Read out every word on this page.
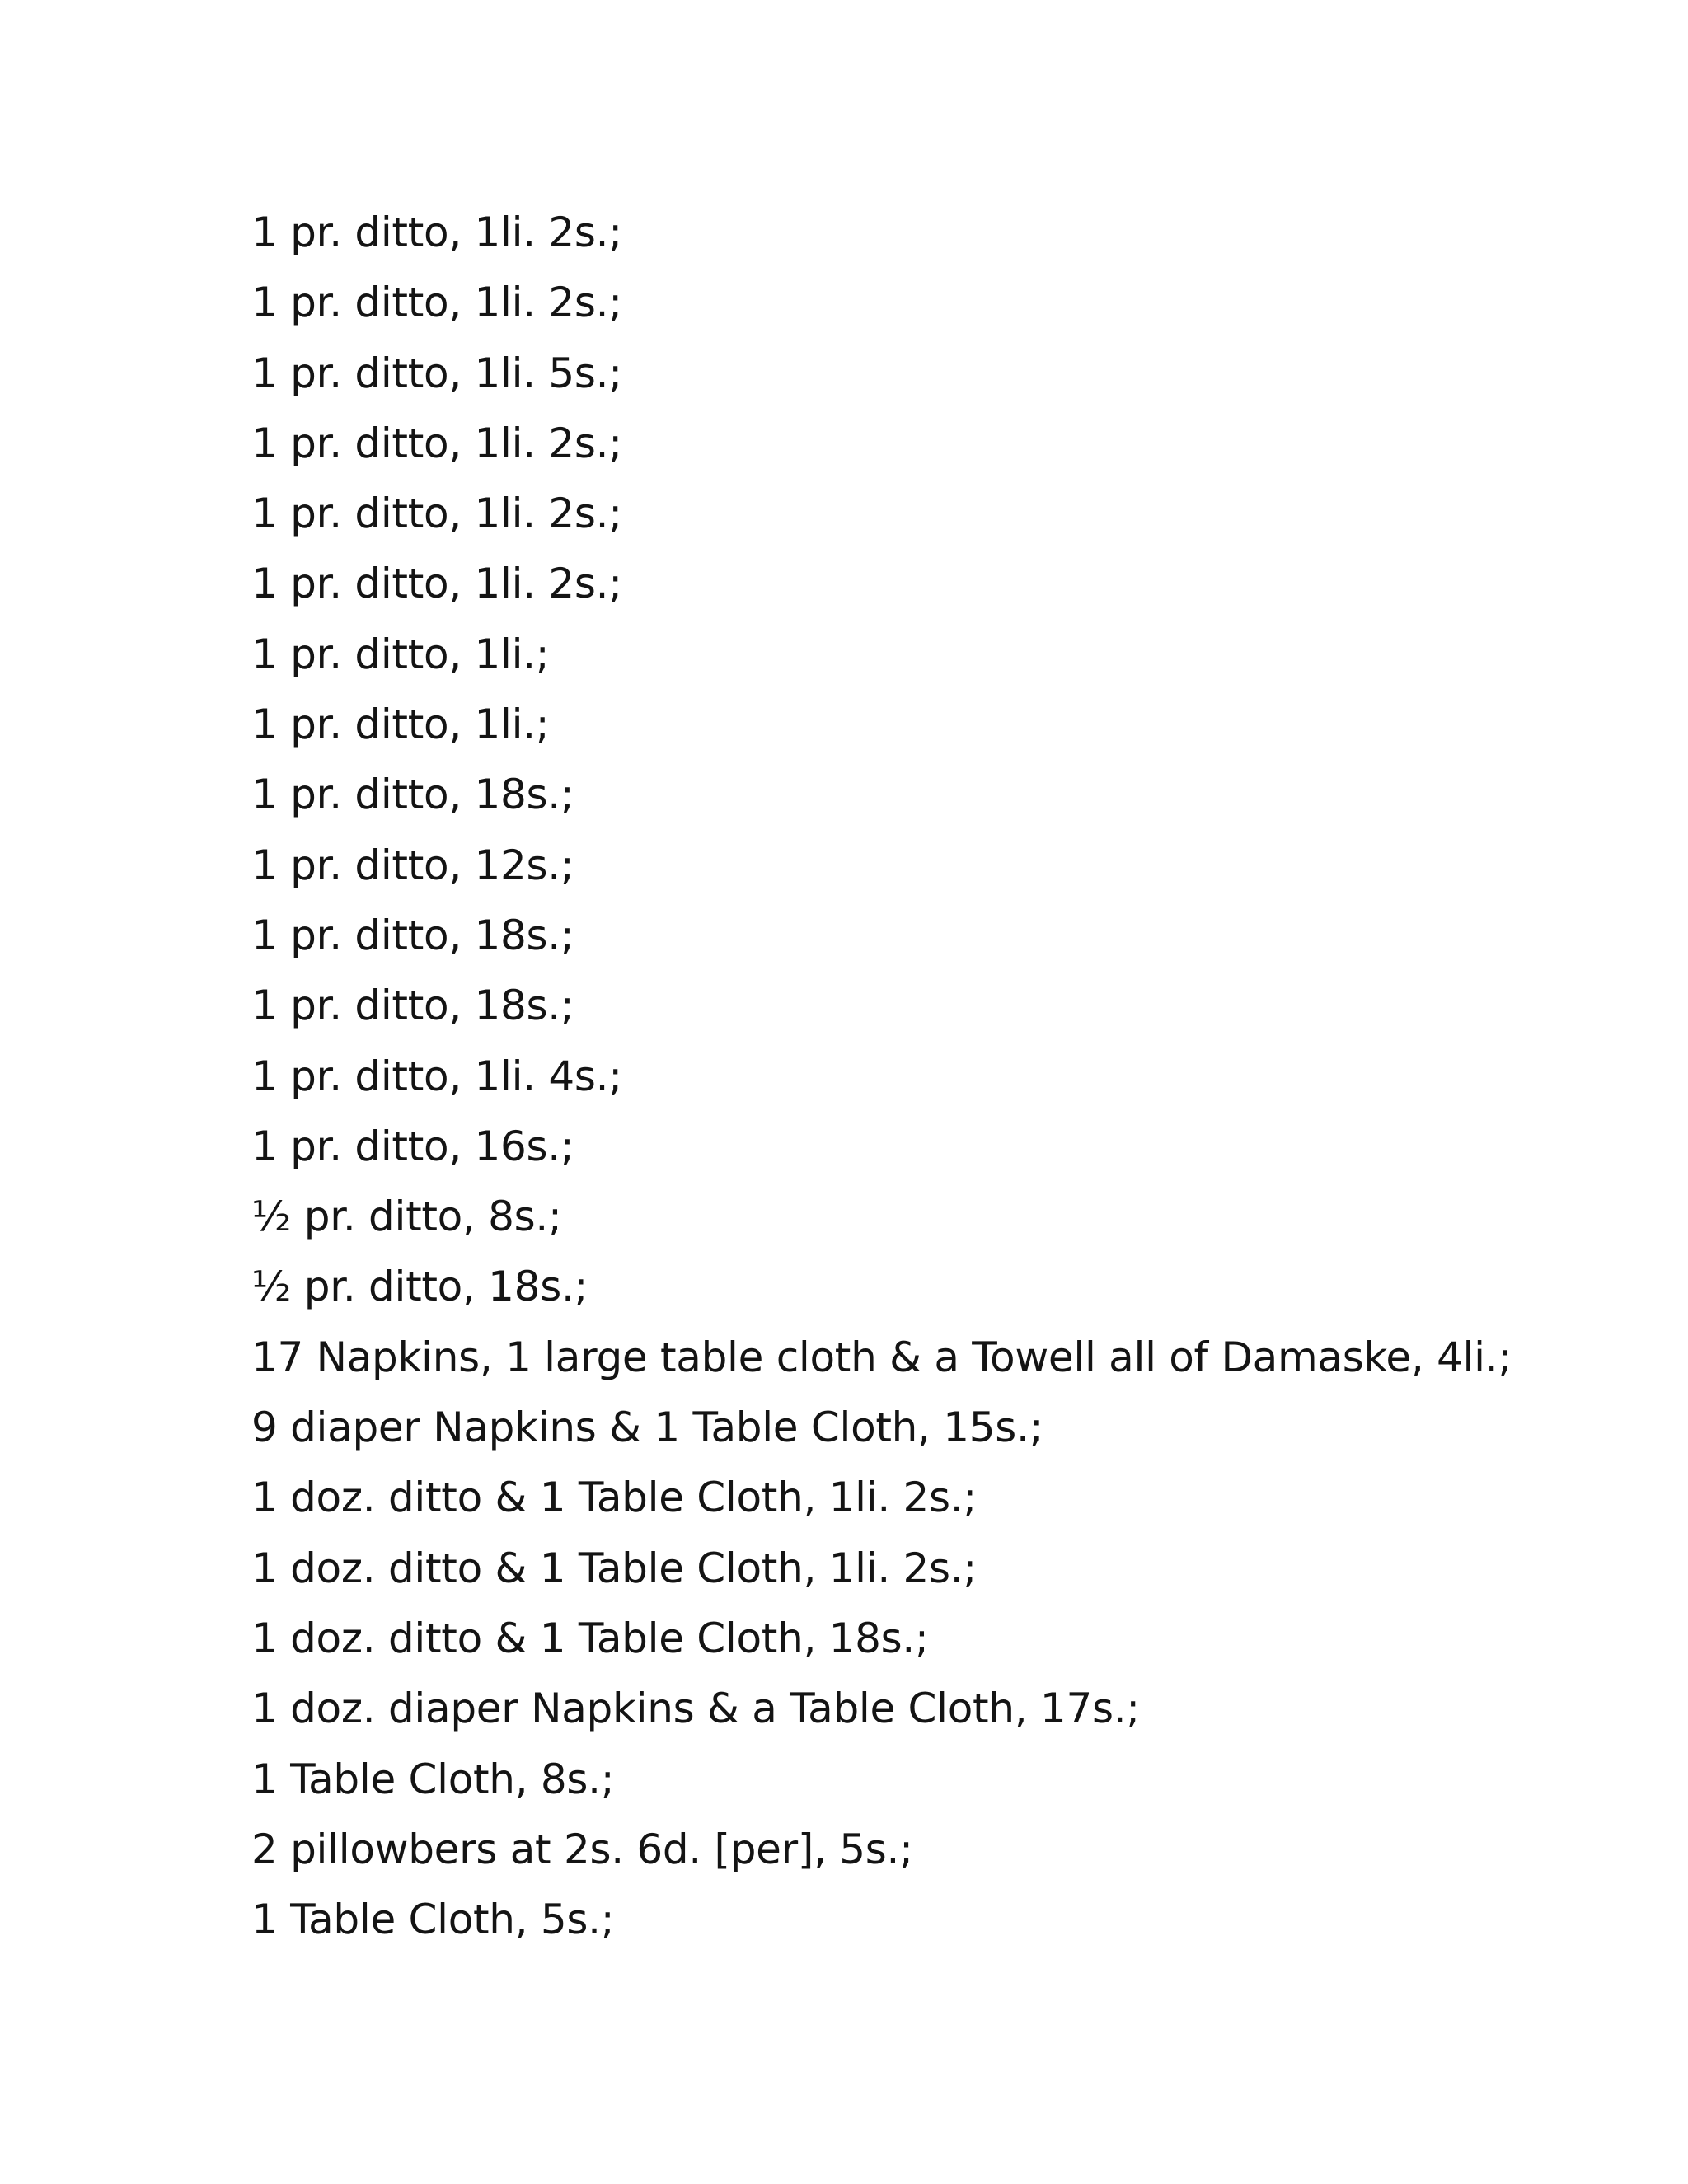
1 pr. ditto, 1li. 2s.;
1 pr. ditto, 1li. 2s.;
1 pr. ditto, 1li. 5s.;
1 pr. ditto, 1li. 2s.;
1 pr. ditto, 1li. 2s.;
1 pr. ditto, 1li. 2s.;
1 pr. ditto, 1li.;
1 pr. ditto, 1li.;
1 pr. ditto, 18s.;
1 pr. ditto, 12s.;
1 pr. ditto, 18s.;
1 pr. ditto, 18s.;
1 pr. ditto, 1li. 4s.;
1 pr. ditto, 16s.;
½ pr. ditto, 8s.;
½ pr. ditto, 18s.;
17 Napkins, 1 large table cloth & a Towell all of Damaske, 4li.;
9 diaper Napkins & 1 Table Cloth, 15s.;
1 doz. ditto & 1 Table Cloth, 1li. 2s.;
1 doz. ditto & 1 Table Cloth, 1li. 2s.;
1 doz. ditto & 1 Table Cloth, 18s.;
1 doz. diaper Napkins & a Table Cloth, 17s.;
1 Table Cloth, 8s.;
2 pillowbers at 2s. 6d. [per], 5s.;
1 Table Cloth, 5s.;
